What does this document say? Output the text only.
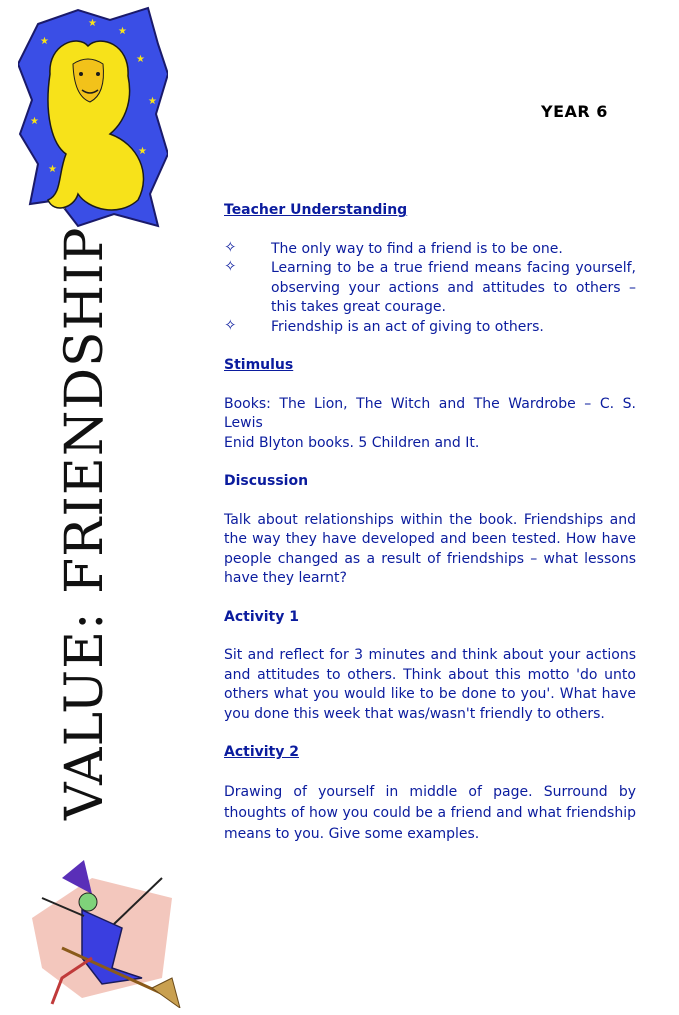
★
★
★
★
★
★
★
★
YEAR 6
VALUE: FRIENDSHIP
Teacher Understanding
✧ The only way to find a friend is to be one.
✧ Learning to be a true friend means facing yourself, observing your actions and attitudes to others – this takes great courage.
✧ Friendship is an act of giving to others.
Stimulus

Books: The Lion, The Witch and The Wardrobe – C. S. Lewis

Enid Blyton books. 5 Children and It.

Discussion

Talk about relationships within the book. Friendships and the way they have developed and been tested. How have people changed as a result of friendships – what lessons have they learnt?

Activity 1

Sit and reflect for 3 minutes and think about your actions and attitudes to others. Think about this motto 'do unto others what you would like to be done to you'. What have you done this week that was/wasn't friendly to others.

Activity 2

Drawing of yourself in middle of page. Surround by thoughts of how you could be a friend and what friendship means to you. Give some examples.
